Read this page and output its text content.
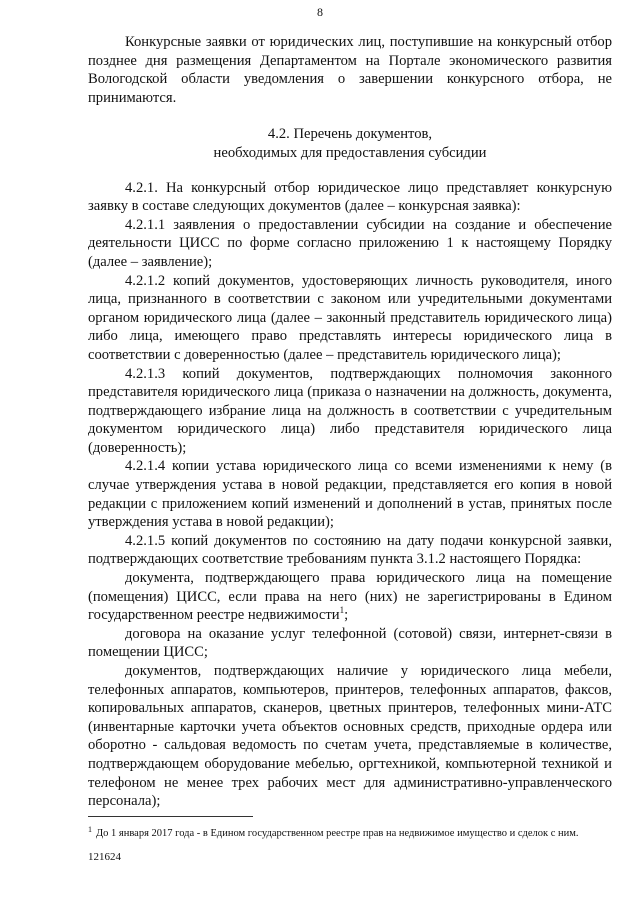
8

Конкурсные заявки от юридических лиц, поступившие на конкурсный отбор позднее дня размещения Департаментом на Портале экономического развития Вологодской области уведомления о завершении конкурсного отбора, не принимаются.

4.2. Перечень документов,
необходимых для предоставления субсидии

4.2.1. На конкурсный отбор юридическое лицо представляет конкурсную заявку в составе следующих документов (далее – конкурсная заявка):

4.2.1.1 заявления о предоставлении субсидии на создание и обеспечение деятельности ЦИСС по форме согласно приложению 1 к настоящему Порядку (далее – заявление);

4.2.1.2 копий документов, удостоверяющих личность руководителя, иного лица, признанного в соответствии с законом или учредительными документами органом юридического лица (далее – законный представитель юридического лица) либо лица, имеющего право представлять интересы юридического лица в соответствии с доверенностью (далее – представитель юридического лица);

4.2.1.3 копий документов, подтверждающих полномочия законного представителя юридического лица (приказа о назначении на должность, документа, подтверждающего избрание лица на должность в соответствии с учредительным документом юридического лица) либо представителя юридического лица (доверенность);

4.2.1.4 копии устава юридического лица со всеми изменениями к нему (в случае утверждения устава в новой редакции, представляется его копия в новой редакции с приложением копий изменений и дополнений в устав, принятых после утверждения устава в новой редакции);

4.2.1.5 копий документов по состоянию на дату подачи конкурсной заявки, подтверждающих соответствие требованиям пункта 3.1.2 настоящего Порядка:

документа, подтверждающего права юридического лица на помещение (помещения) ЦИСС, если права на него (них) не зарегистрированы в Едином государственном реестре недвижимости$^1$;

договора на оказание услуг телефонной (сотовой) связи, интернет-связи в помещении ЦИСС;

документов, подтверждающих наличие у юридического лица мебели, телефонных аппаратов, компьютеров, принтеров, телефонных аппаратов, факсов, копировальных аппаратов, сканеров, цветных принтеров, телефонных мини-АТС (инвентарные карточки учета объектов основных средств, приходные ордера или оборотно - сальдовая ведомость по счетам учета, представляемые в количестве, подтверждающем оборудование мебелью, оргтехникой, компьютерной техникой и телефоном не менее трех рабочих мест для административно-управленческого персонала);

$^1$ До 1 января 2017 года - в Едином государственном реестре прав на недвижимое имущество и сделок с ним.
121624
